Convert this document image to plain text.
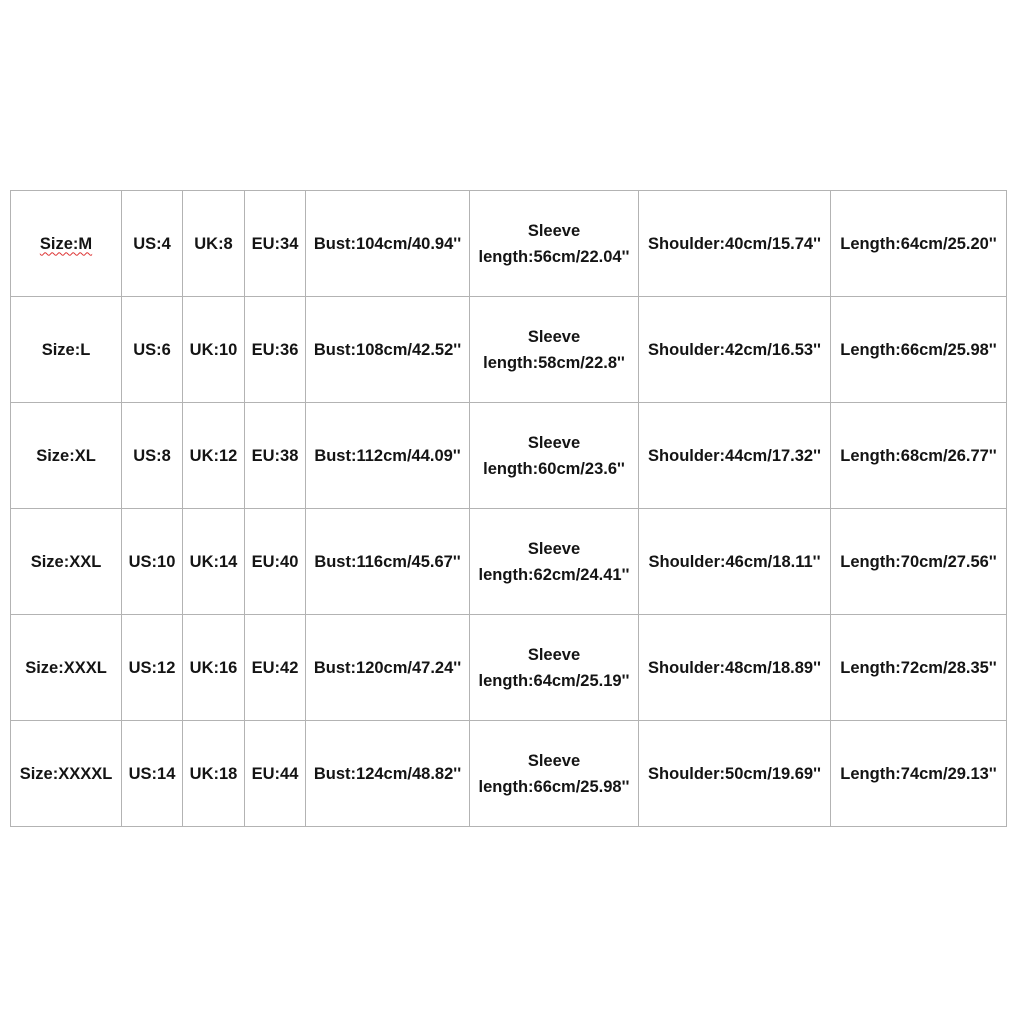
Size:M	US:4	UK:8	EU:34	Bust:104cm/40.94''	Sleeve
length:56cm/22.04''	Shoulder:40cm/15.74''	Length:64cm/25.20''
Size:L	US:6	UK:10	EU:36	Bust:108cm/42.52''	Sleeve
length:58cm/22.8''	Shoulder:42cm/16.53''	Length:66cm/25.98''
Size:XL	US:8	UK:12	EU:38	Bust:112cm/44.09''	Sleeve
length:60cm/23.6''	Shoulder:44cm/17.32''	Length:68cm/26.77''
Size:XXL	US:10	UK:14	EU:40	Bust:116cm/45.67''	Sleeve
length:62cm/24.41''	Shoulder:46cm/18.11''	Length:70cm/27.56''
Size:XXXL	US:12	UK:16	EU:42	Bust:120cm/47.24''	Sleeve
length:64cm/25.19''	Shoulder:48cm/18.89''	Length:72cm/28.35''
Size:XXXXL	US:14	UK:18	EU:44	Bust:124cm/48.82''	Sleeve
length:66cm/25.98''	Shoulder:50cm/19.69''	Length:74cm/29.13''
